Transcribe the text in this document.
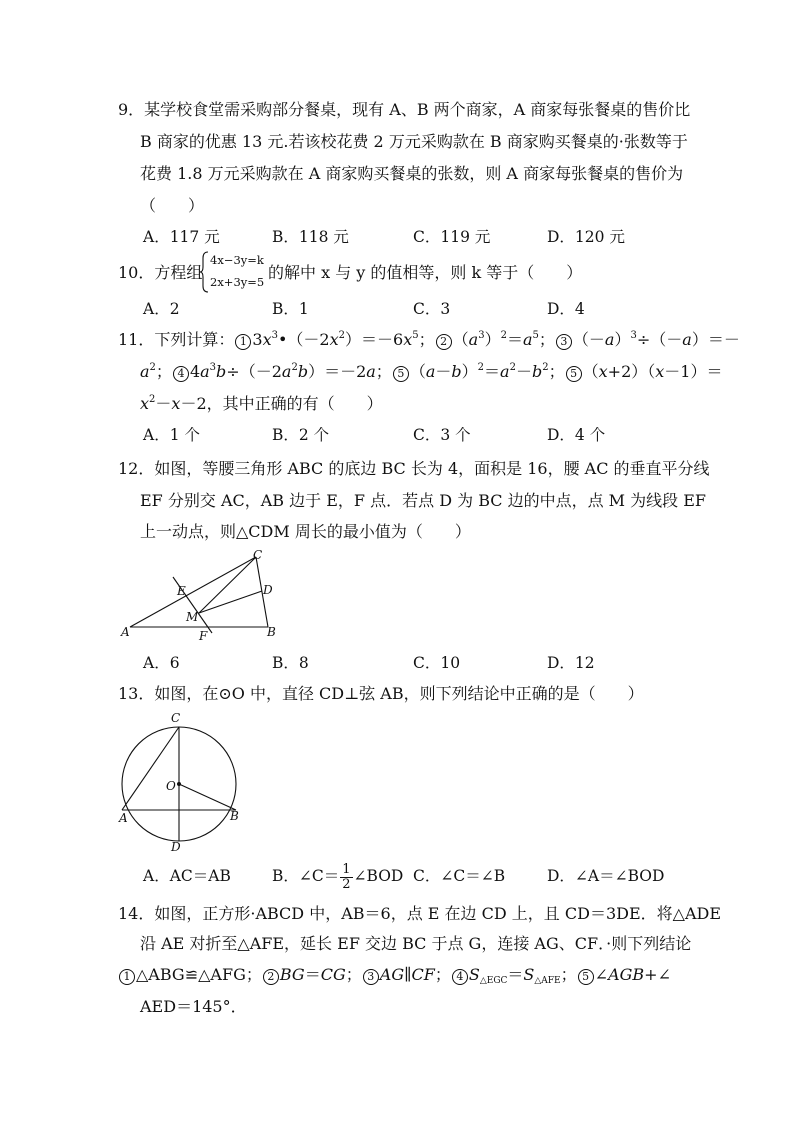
9．某学校食堂需采购部分餐桌，现有 A、B 两个商家，A 商家每张餐桌的售价比
B 商家的优惠 13 元.若该校花费 2 万元采购款在 B 商家购买餐桌的·张数等于
花费 1.8 万元采购款在 A 商家购买餐桌的张数，则 A 商家每张餐桌的售价为
（　　）
A．117 元	B．118 元	C．119 元	D．120 元
10．方程组
4x−3y=k
2x+3y=5 的解中 x 与 y 的值相等，则 k 等于（　　）
A．2	B．1	C．3	D．4
11．下列计算： 1 $3x^3•(-2x^2)=-6x^5$； 2 $(a^3)^2=a^5$； 3 $(-a)^3\div(-a)=-$
$a^2$； 4 $4a^3b\div(-2a^2b)=-2a$； 5 $(a-b)^2=a^2-b^2$； 5 （x+2）（x－1）＝
$x^2-x-2$，其中正确的有（　　）
A．1 个	B．2 个	C．3 个	D．4 个
12．如图，等腰三角形 ABC 的底边 BC 长为 4，面积是 16，腰 AC 的垂直平分线
EF 分别交 AC，AB 边于 E，F 点．若点 D 为 BC 边的中点，点 M 为线段 EF
上一动点，则△CDM 周长的最小值为（　　）
A	B
C
D
E
F
M
A．6	B．8	C．10	D．12
13．如图，在⊙O 中，直径 CD⊥弦 AB，则下列结论中正确的是（　　）
C
O
A	B
D
A．AC＝AB	B．∠C＝ $\frac{1}{2}$ ∠BOD C．∠C＝∠B	D．∠A＝∠BOD
14．如图，正方形·ABCD 中，AB＝6，点 E 在边 CD 上，且 CD＝3DE．将△ADE
沿 AE 对折至△AFE，延长 EF 交边 BC 于点 G，连接 AG、CF．·则下列结论
1 △ABG≌△AFG； 2 BG＝CG； 3 AG∥CF； 4 $S_{\triangle EGC}=S_{\triangle AFE}$； 5 ∠AGB+∠
AED＝145°．
